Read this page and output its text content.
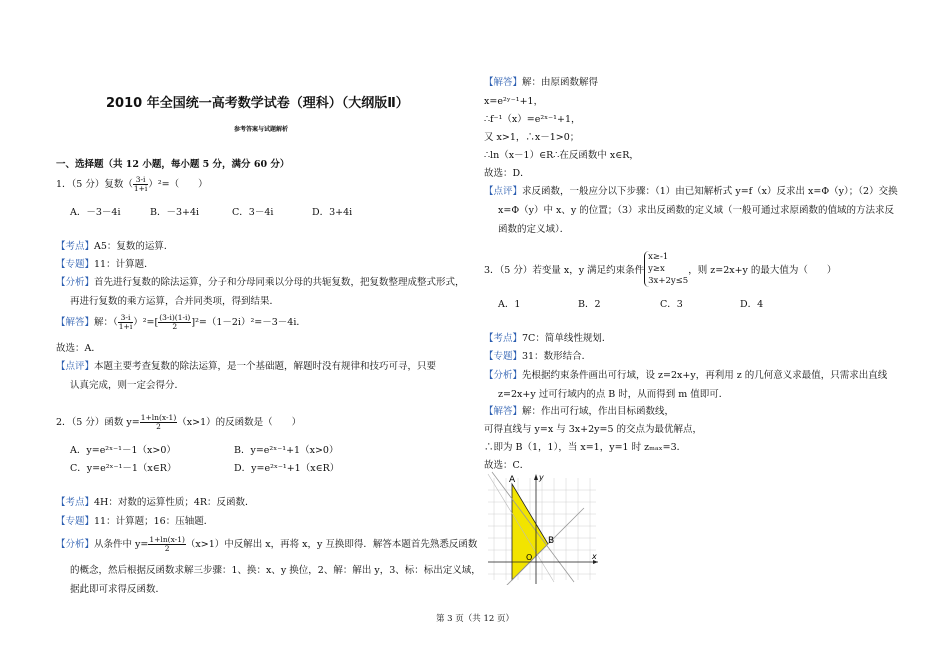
2010 年全国统一高考数学试卷（理科）（大纲版Ⅱ）
参考答案与试题解析
一、选择题（共 12 小题，每小题 5 分，满分 60 分）
1．（5 分）复数（ $\frac{3-i}{1+i} )^2=$（　　）
A．－3－4i	B．－3+4i	C．3－4i	D．3+4i
【考点】A5：复数的运算．
【专题】11：计算题．
【分析】首先进行复数的除法运算，分子和分母同乘以分母的共轭复数，把复数整理成整式形式，
再进行复数的乘方运算，合并同类项，得到结果．
【解答】解：（ $\frac{3-i}{1+i} )^2=[ \frac{(3-i)(1-i)}{2} ]^2=(1-2i)^2=-3-4i$．
故选：A．
【点评】本题主要考查复数的除法运算，是一个基础题，解题时没有规律和技巧可寻，只要
认真完成，则一定会得分．
2．（5 分）函数 $y= \frac{1+\ln(x-1)}{2} (x>1)$的反函数是（　　）
A．y=e²ˣ⁻¹－1（x>0）	B．y=e²ˣ⁻¹+1（x>0）
C．y=e²ˣ⁻¹－1（x∈R）	D．y=e²ˣ⁻¹+1（x∈R）
【考点】4H：对数的运算性质；4R：反函数．
【专题】11：计算题；16：压轴题．
【分析】从条件中 $y= \frac{1+\ln(x-1)}{2} (x>1)$中反解出 x，再将 x，y 互换即得．解答本题首先熟悉反函数
的概念，然后根据反函数求解三步骤：1、换：x、y 换位，2、解：解出 y，3、标：标出定义域，
据此即可求得反函数．
【解答】解：由原函数解得
x=e²ʸ⁻¹+1，
∴f⁻¹（x）=e²ˣ⁻¹+1，
又 x>1，∴x－1>0；
∴ln（x－1）∈R∴在反函数中 x∈R，
故选：D．
【点评】求反函数，一般应分以下步骤：（1）由已知解析式 y=f（x）反求出 x=Φ（y）；（2）交换
x=Φ（y）中 x、y 的位置；（3）求出反函数的定义域（一般可通过求原函数的值域的方法求反
函数的定义域）．
3．（5 分）若变量 x，y 满足约束条件
x≥-1
y≥x
3x+2y≤5
，则 z=2x+y 的最大值为（　　）
A．1	B．2	C．3	D．4
【考点】7C：简单线性规划．
【专题】31：数形结合．
【分析】先根据约束条件画出可行域，设 z=2x+y，再利用 z 的几何意义求最值，只需求出直线
z=2x+y 过可行域内的点 B 时，从而得到 m 值即可．
【解答】解：作出可行域，作出目标函数线，
可得直线与 y=x 与 3x+2y=5 的交点为最优解点，
∴即为 B（1，1），当 x=1，y=1 时 zₘₐₓ=3．
故选：C．
A
B
O	x
y
第 3 页（共 12 页）
